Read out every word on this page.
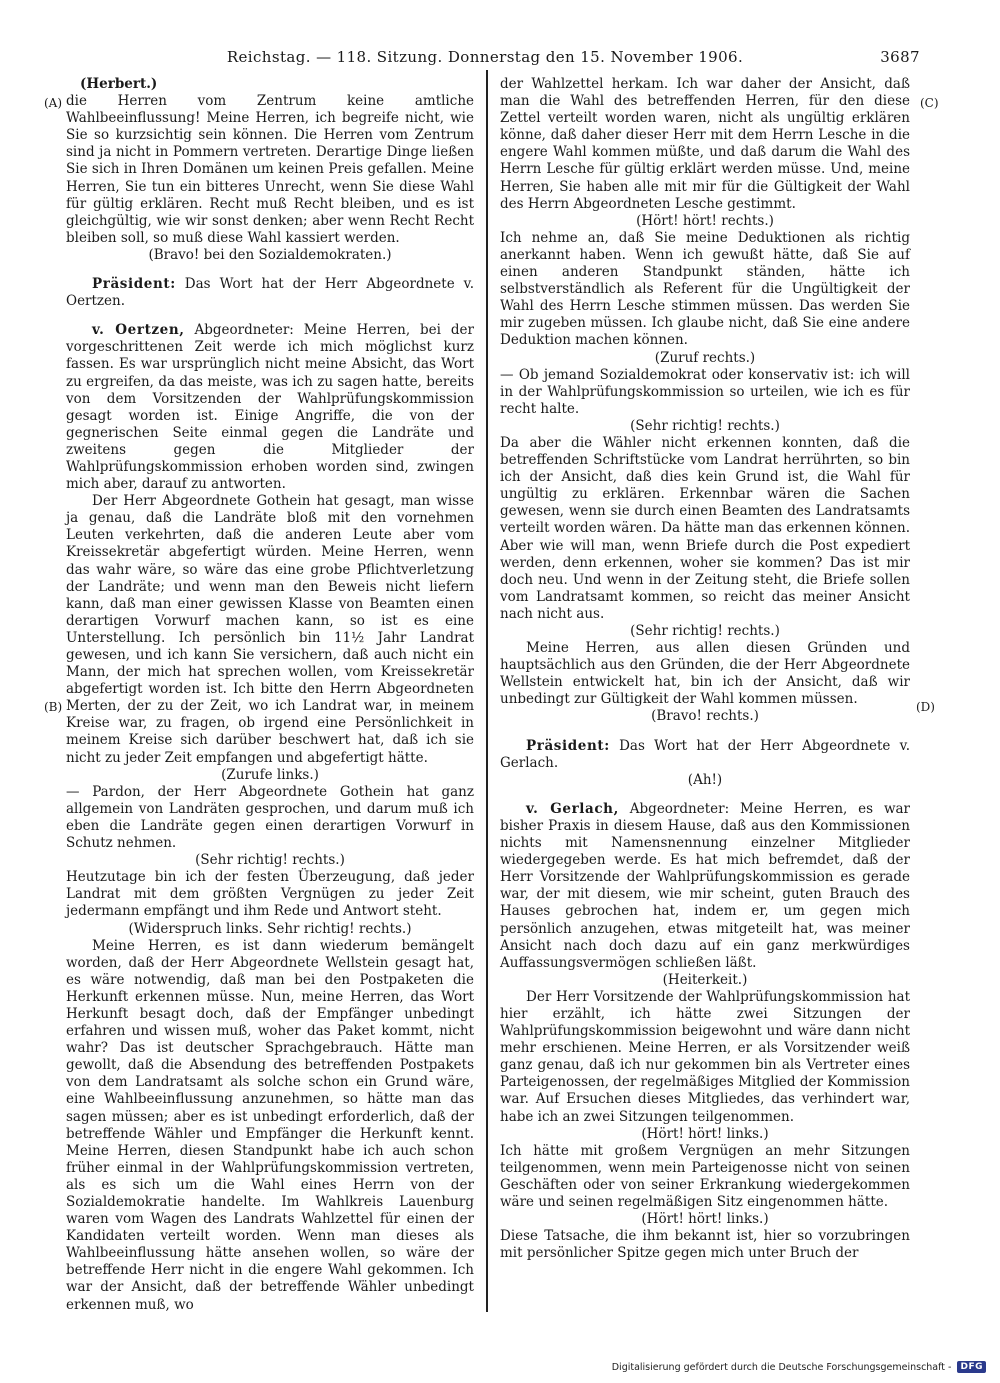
Reichstag. — 118. Sitzung. Donnerstag den 15. November 1906.	3687
(A)
(B)
(C)
(D)

(Herbert.)

die Herren vom Zentrum keine amtliche Wahlbeeinflussung! Meine Herren, ich begreife nicht, wie Sie so kurzsichtig sein können. Die Herren vom Zentrum sind ja nicht in Pommern vertreten. Derartige Dinge ließen Sie sich in Ihren Domänen um keinen Preis gefallen. Meine Herren, Sie tun ein bitteres Unrecht, wenn Sie diese Wahl für gültig erklären. Recht muß Recht bleiben, und es ist gleichgültig, wie wir sonst denken; aber wenn Recht Recht bleiben soll, so muß diese Wahl kassiert werden.

(Bravo! bei den Sozialdemokraten.)

Präsident: Das Wort hat der Herr Abgeordnete v. Oertzen.

v. Oertzen, Abgeordneter: Meine Herren, bei der vorgeschrittenen Zeit werde ich mich möglichst kurz fassen. Es war ursprünglich nicht meine Absicht, das Wort zu ergreifen, da das meiste, was ich zu sagen hatte, bereits von dem Vorsitzenden der Wahlprüfungskommission gesagt worden ist. Einige Angriffe, die von der gegnerischen Seite einmal gegen die Landräte und zweitens gegen die Mitglieder der Wahlprüfungskommission erhoben worden sind, zwingen mich aber, darauf zu antworten.

Der Herr Abgeordnete Gothein hat gesagt, man wisse ja genau, daß die Landräte bloß mit den vornehmen Leuten verkehrten, daß die anderen Leute aber vom Kreissekretär abgefertigt würden. Meine Herren, wenn das wahr wäre, so wäre das eine grobe Pflichtverletzung der Landräte; und wenn man den Beweis nicht liefern kann, daß man einer gewissen Klasse von Beamten einen derartigen Vorwurf machen kann, so ist es eine Unterstellung. Ich persönlich bin 11½ Jahr Landrat gewesen, und ich kann Sie versichern, daß auch nicht ein Mann, der mich hat sprechen wollen, vom Kreissekretär abgefertigt worden ist. Ich bitte den Herrn Abgeordneten Merten, der zu der Zeit, wo ich Landrat war, in meinem Kreise war, zu fragen, ob irgend eine Persönlichkeit in meinem Kreise sich darüber beschwert hat, daß ich sie nicht zu jeder Zeit empfangen und abgefertigt hätte.

(Zurufe links.)

— Pardon, der Herr Abgeordnete Gothein hat ganz allgemein von Landräten gesprochen, und darum muß ich eben die Landräte gegen einen derartigen Vorwurf in Schutz nehmen.

(Sehr richtig! rechts.)

Heutzutage bin ich der festen Überzeugung, daß jeder Landrat mit dem größten Vergnügen zu jeder Zeit jedermann empfängt und ihm Rede und Antwort steht.

(Widerspruch links. Sehr richtig! rechts.)

Meine Herren, es ist dann wiederum bemängelt worden, daß der Herr Abgeordnete Wellstein gesagt hat, es wäre notwendig, daß man bei den Postpaketen die Herkunft erkennen müsse. Nun, meine Herren, das Wort Herkunft besagt doch, daß der Empfänger unbedingt erfahren und wissen muß, woher das Paket kommt, nicht wahr? Das ist deutscher Sprachgebrauch. Hätte man gewollt, daß die Absendung des betreffenden Postpakets von dem Landratsamt als solche schon ein Grund wäre, eine Wahlbeeinflussung anzunehmen, so hätte man das sagen müssen; aber es ist unbedingt erforderlich, daß der betreffende Wähler und Empfänger die Herkunft kennt. Meine Herren, diesen Standpunkt habe ich auch schon früher einmal in der Wahlprüfungskommission vertreten, als es sich um die Wahl eines Herrn von der Sozialdemokratie handelte. Im Wahlkreis Lauenburg waren vom Wagen des Landrats Wahlzettel für einen der Kandidaten verteilt worden. Wenn man dieses als Wahlbeeinflussung hätte ansehen wollen, so wäre der betreffende Herr nicht in die engere Wahl gekommen. Ich war der Ansicht, daß der betreffende Wähler unbedingt erkennen muß, wo

der Wahlzettel herkam. Ich war daher der Ansicht, daß man die Wahl des betreffenden Herren, für den diese Zettel verteilt worden waren, nicht als ungültig erklären könne, daß daher dieser Herr mit dem Herrn Lesche in die engere Wahl kommen müßte, und daß darum die Wahl des Herrn Lesche für gültig erklärt werden müsse. Und, meine Herren, Sie haben alle mit mir für die Gültigkeit der Wahl des Herrn Abgeordneten Lesche gestimmt.

(Hört! hört! rechts.)

Ich nehme an, daß Sie meine Deduktionen als richtig anerkannt haben. Wenn ich gewußt hätte, daß Sie auf einen anderen Standpunkt ständen, hätte ich selbstverständlich als Referent für die Ungültigkeit der Wahl des Herrn Lesche stimmen müssen. Das werden Sie mir zugeben müssen. Ich glaube nicht, daß Sie eine andere Deduktion machen können.

(Zuruf rechts.)

— Ob jemand Sozialdemokrat oder konservativ ist: ich will in der Wahlprüfungskommission so urteilen, wie ich es für recht halte.

(Sehr richtig! rechts.)

Da aber die Wähler nicht erkennen konnten, daß die betreffenden Schriftstücke vom Landrat herrührten, so bin ich der Ansicht, daß dies kein Grund ist, die Wahl für ungültig zu erklären. Erkennbar wären die Sachen gewesen, wenn sie durch einen Beamten des Landratsamts verteilt worden wären. Da hätte man das erkennen können. Aber wie will man, wenn Briefe durch die Post expediert werden, denn erkennen, woher sie kommen? Das ist mir doch neu. Und wenn in der Zeitung steht, die Briefe sollen vom Landratsamt kommen, so reicht das meiner Ansicht nach nicht aus.

(Sehr richtig! rechts.)

Meine Herren, aus allen diesen Gründen und hauptsächlich aus den Gründen, die der Herr Abgeordnete Wellstein entwickelt hat, bin ich der Ansicht, daß wir unbedingt zur Gültigkeit der Wahl kommen müssen.

(Bravo! rechts.)

Präsident: Das Wort hat der Herr Abgeordnete v. Gerlach.

(Ah!)

v. Gerlach, Abgeordneter: Meine Herren, es war bisher Praxis in diesem Hause, daß aus den Kommissionen nichts mit Namensnennung einzelner Mitglieder wiedergegeben werde. Es hat mich befremdet, daß der Herr Vorsitzende der Wahlprüfungskommission es gerade war, der mit diesem, wie mir scheint, guten Brauch des Hauses gebrochen hat, indem er, um gegen mich persönlich anzugehen, etwas mitgeteilt hat, was meiner Ansicht nach doch dazu auf ein ganz merkwürdiges Auffassungsvermögen schließen läßt.

(Heiterkeit.)

Der Herr Vorsitzende der Wahlprüfungskommission hat hier erzählt, ich hätte zwei Sitzungen der Wahlprüfungskommission beigewohnt und wäre dann nicht mehr erschienen. Meine Herren, er als Vorsitzender weiß ganz genau, daß ich nur gekommen bin als Vertreter eines Parteigenossen, der regelmäßiges Mitglied der Kommission war. Auf Ersuchen dieses Mitgliedes, das verhindert war, habe ich an zwei Sitzungen teilgenommen.

(Hört! hört! links.)

Ich hätte mit großem Vergnügen an mehr Sitzungen teilgenommen, wenn mein Parteigenosse nicht von seinen Geschäften oder von seiner Erkrankung wiedergekommen wäre und seinen regelmäßigen Sitz eingenommen hätte.

(Hört! hört! links.)

Diese Tatsache, die ihm bekannt ist, hier so vorzubringen mit persönlicher Spitze gegen mich unter Bruch der

Digitalisierung gefördert durch die Deutsche Forschungsgemeinschaft -	DFG
